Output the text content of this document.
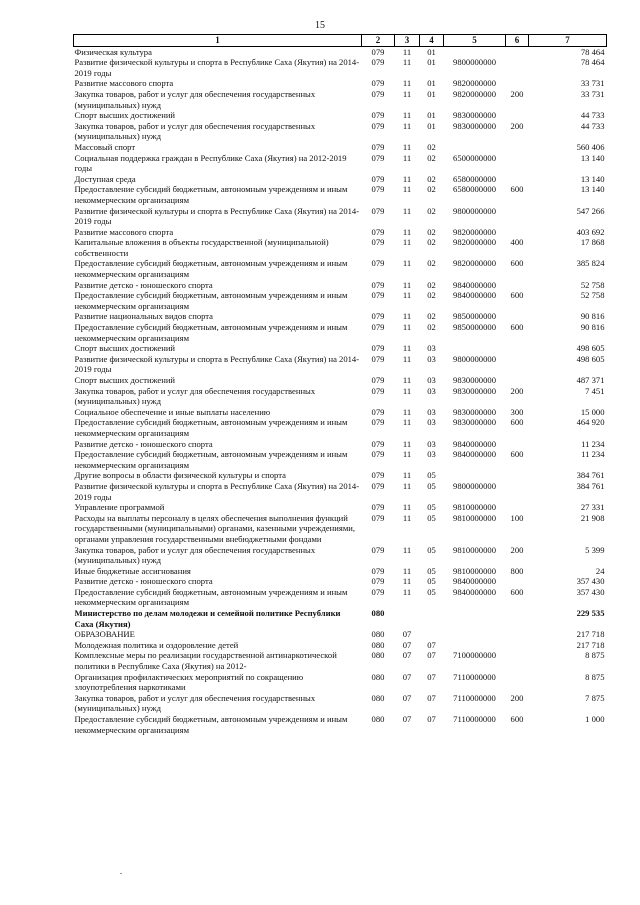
15
1	2	3	4	5	6	7
Физическая культура	079	11	01			78 464
Развитие физической культуры и спорта в Республике Саха (Якутия) на 2014-2019 годы	079	11	01	9800000000		78 464
Развитие массового спорта	079	11	01	9820000000		33 731
Закупка товаров, работ и услуг для обеспечения государственных (муниципальных) нужд	079	11	01	9820000000	200	33 731
Спорт высших достижений	079	11	01	9830000000		44 733
Закупка товаров, работ и услуг для обеспечения государственных (муниципальных) нужд	079	11	01	9830000000	200	44 733
Массовый спорт	079	11	02			560 406
Социальная поддержка граждан в Республике Саха (Якутия) на 2012-2019 годы	079	11	02	6500000000		13 140
Доступная среда	079	11	02	6580000000		13 140
Предоставление субсидий бюджетным, автономным учреждениям и иным некоммерческим организациям	079	11	02	6580000000	600	13 140
Развитие физической культуры и спорта в Республике Саха (Якутия) на 2014-2019 годы	079	11	02	9800000000		547 266
Развитие массового спорта	079	11	02	9820000000		403 692
Капитальные вложения в объекты государственной (муниципальной) собственности	079	11	02	9820000000	400	17 868
Предоставление субсидий бюджетным, автономным учреждениям и иным некоммерческим организациям	079	11	02	9820000000	600	385 824
Развитие детско - юношеского спорта	079	11	02	9840000000		52 758
Предоставление субсидий бюджетным, автономным учреждениям и иным некоммерческим организациям	079	11	02	9840000000	600	52 758
Развитие национальных видов спорта	079	11	02	9850000000		90 816
Предоставление субсидий бюджетным, автономным учреждениям и иным некоммерческим организациям	079	11	02	9850000000	600	90 816
Спорт высших достижений	079	11	03			498 605
Развитие физической культуры и спорта в Республике Саха (Якутия) на 2014-2019 годы	079	11	03	9800000000		498 605
Спорт высших достижений	079	11	03	9830000000		487 371
Закупка товаров, работ и услуг для обеспечения государственных (муниципальных) нужд	079	11	03	9830000000	200	7 451
Социальное обеспечение и иные выплаты населению	079	11	03	9830000000	300	15 000
Предоставление субсидий бюджетным, автономным учреждениям и иным некоммерческим организациям	079	11	03	9830000000	600	464 920
Развитие детско - юношеского спорта	079	11	03	9840000000		11 234
Предоставление субсидий бюджетным, автономным учреждениям и иным некоммерческим организациям	079	11	03	9840000000	600	11 234
Другие вопросы в области физической культуры и спорта	079	11	05			384 761
Развитие физической культуры и спорта в Республике Саха (Якутия) на 2014-2019 годы	079	11	05	9800000000		384 761
Управление программой	079	11	05	9810000000		27 331
Расходы на выплаты персоналу в целях обеспечения выполнения функций государственными (муниципальными) органами, казенными учреждениями, органами управления государственными внебюджетными фондами	079	11	05	9810000000	100	21 908
Закупка товаров, работ и услуг для обеспечения государственных (муниципальных) нужд	079	11	05	9810000000	200	5 399
Иные бюджетные ассигнования	079	11	05	9810000000	800	24
Развитие детско - юношеского спорта	079	11	05	9840000000		357 430
Предоставление субсидий бюджетным, автономным учреждениям и иным некоммерческим организациям	079	11	05	9840000000	600	357 430
Министерство по делам молодежи и семейной политике Республики Саха (Якутия)	080					229 535
ОБРАЗОВАНИЕ	080	07				217 718
Молодежная политика и оздоровление детей	080	07	07			217 718
Комплексные меры по реализации государственной антинаркотической политики в Республике Саха (Якутия) на 2012-	080	07	07	7100000000		8 875
Организация профилактических мероприятий по сокращению злоупотребления наркотиками	080	07	07	7110000000		8 875
Закупка товаров, работ и услуг для обеспечения государственных (муниципальных) нужд	080	07	07	7110000000	200	7 875
Предоставление субсидий бюджетным, автономным учреждениям и иным некоммерческим организациям	080	07	07	7110000000	600	1 000
